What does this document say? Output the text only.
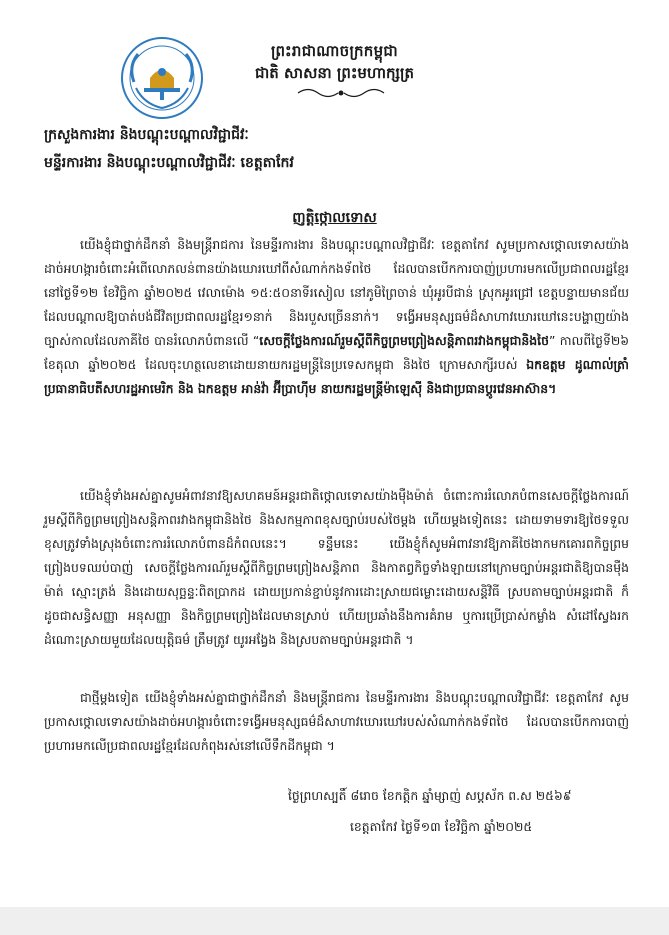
ព្រះរាជាណាចក្រកម្ពុជា
ជាតិ សាសនា ព្រះមហាក្សត្រ
ក្រសួងការងារ និងបណ្តុះបណ្តាលវិជ្ជាជីវៈ
មន្ទីរការងារ និងបណ្តុះបណ្តាលវិជ្ជាជីវៈ ខេត្តតាកែវ
ញត្តិថ្កោលទោស
យើងខ្ញុំជាថ្នាក់ដឹកនាំ និងមន្ត្រីរាជការ នៃមន្ទីរការងារ និងបណ្តុះបណ្តាលវិជ្ជាជីវៈ ខេត្តតាកែវ សូមប្រកាសថ្កោលទោសយ៉ាងដាច់អហង្ការចំពោះអំពើលោភលន់ពានយ៉ាងឃោរឃៅពីសំណាក់កងទ័ពថៃ ដែលបានបើកការបាញ់ប្រហារមកលើប្រជាពលរដ្ឋខ្មែរ នៅថ្ងៃទី១២ ខែវិច្ឆិកា ឆ្នាំ២០២៥ វេលាម៉ោង ១៥:៥០នាទីរសៀល នៅភូមិព្រៃចាន់ ឃុំអូរបីជាន់ ស្រុកអូរជ្រៅ ខេត្តបន្ទាយមានជ័យ ដែលបណ្តាលឱ្យបាត់បង់ជីវិតប្រជាពលរដ្ឋខ្មែរ១នាក់ និងរបួសច្រើននាក់។ ទង្វើអមនុស្សធម៌ដ៏សាហាវឃោរឃៅនេះបង្ហាញយ៉ាងច្បាស់កាលដែលភាគីថៃ បានរំលោភបំពានលើ “សេចក្តីថ្លែងការណ៍រួមស្តីពីកិច្ចព្រមព្រៀងសន្តិភាពរវាងកម្ពុជានិងថៃ” កាលពីថ្ងៃទី២៦ ខែតុលា ឆ្នាំ២០២៥ ដែលចុះហត្ថលេខាដោយនាយករដ្ឋមន្ត្រីនៃប្រទេសកម្ពុជា និងថៃ ក្រោមសាក្សីរបស់ ឯកឧត្តម ដូណាល់ត្រាំ ប្រធានាធិបតីសហរដ្ឋអាមេរិក និង ឯកឧត្តម អាន់វ៉ា អ៊ីប្រាហ៊ីម នាយករដ្ឋមន្ត្រីម៉ាឡេស៊ី និងជាប្រធានប្តូរវេនអាស៊ាន។
យើងខ្ញុំទាំងអស់គ្នាសូមអំពាវនាវឱ្យសហគមន៍អន្តរជាតិថ្កោលទោសយ៉ាងម៉ឺងម៉ាត់ ចំពោះការរំលោភបំពានសេចក្តីថ្លែងការណ៍រួមស្តីពីកិច្ចព្រមព្រៀងសន្តិភាពរវាងកម្ពុជានិងថៃ និងសកម្មភាពខុសច្បាប់របស់ថៃម្តង ហើយម្តងទៀតនេះ ដោយទាមទារឱ្យថៃទទួលខុសត្រូវទាំងស្រុងចំពោះការរំលោភបំពានដ៏កំពលនេះ។ ទន្ទឹមនេះ យើងខ្ញុំក៏សូមអំពាវនាវឱ្យភាគីថៃងាកមកគោរពកិច្ចព្រមព្រៀងបទឈប់បាញ់ សេចក្តីថ្លែងការណ៍រួមស្តីពីកិច្ចព្រមព្រៀងសន្តិភាព និងកាតព្វកិច្ចទាំងឡាយនៅក្រោមច្បាប់អន្តរជាតិឱ្យបានម៉ឺងម៉ាត់ ស្មោះត្រង់ និងដោយសុច្ឆន្ទៈពិតប្រាកដ ដោយប្រកាន់ខ្ជាប់នូវការដោះស្រាយជម្លោះដោយសន្តិវិធី ស្របតាមច្បាប់អន្តរជាតិ ក៏ដូចជាសន្ធិសញ្ញា អនុសញ្ញា និងកិច្ចព្រមព្រៀងដែលមានស្រាប់ ហើយប្រឆាំងនឹងការគំរាម ឬការប្រើប្រាស់កម្លាំង សំដៅស្វែងរកដំណោះស្រាយមួយដែលយុត្តិធម៌ ត្រឹមត្រូវ យូរអង្វែង និងស្របតាមច្បាប់អន្តរជាតិ ។
ជាថ្មីម្តងទៀត យើងខ្ញុំទាំងអស់គ្នាជាថ្នាក់ដឹកនាំ និងមន្ត្រីរាជការ នៃមន្ទីរការងារ និងបណ្តុះបណ្តាលវិជ្ជាជីវៈ ខេត្តតាកែវ សូមប្រកាសថ្កោលទោសយ៉ាងដាច់អហង្ការចំពោះទង្វើអមនុស្សធម៌ដ៏សាហាវឃោរឃៅរបស់សំណាក់កងទ័ពថៃ ដែលបានបើកការបាញ់ប្រហារមកលើប្រជាពលរដ្ឋខ្មែរដែលកំពុងរស់នៅលើទឹកដីកម្ពុជា ។
ថ្ងៃព្រហស្បតិ៍ ៨រោច ខែកត្តិក ឆ្នាំម្សាញ់ សប្តស័ក ព.ស ២៥៦៩
ខេត្តតាកែវ ថ្ងៃទី១៣ ខែវិច្ឆិកា ឆ្នាំ២០២៥
